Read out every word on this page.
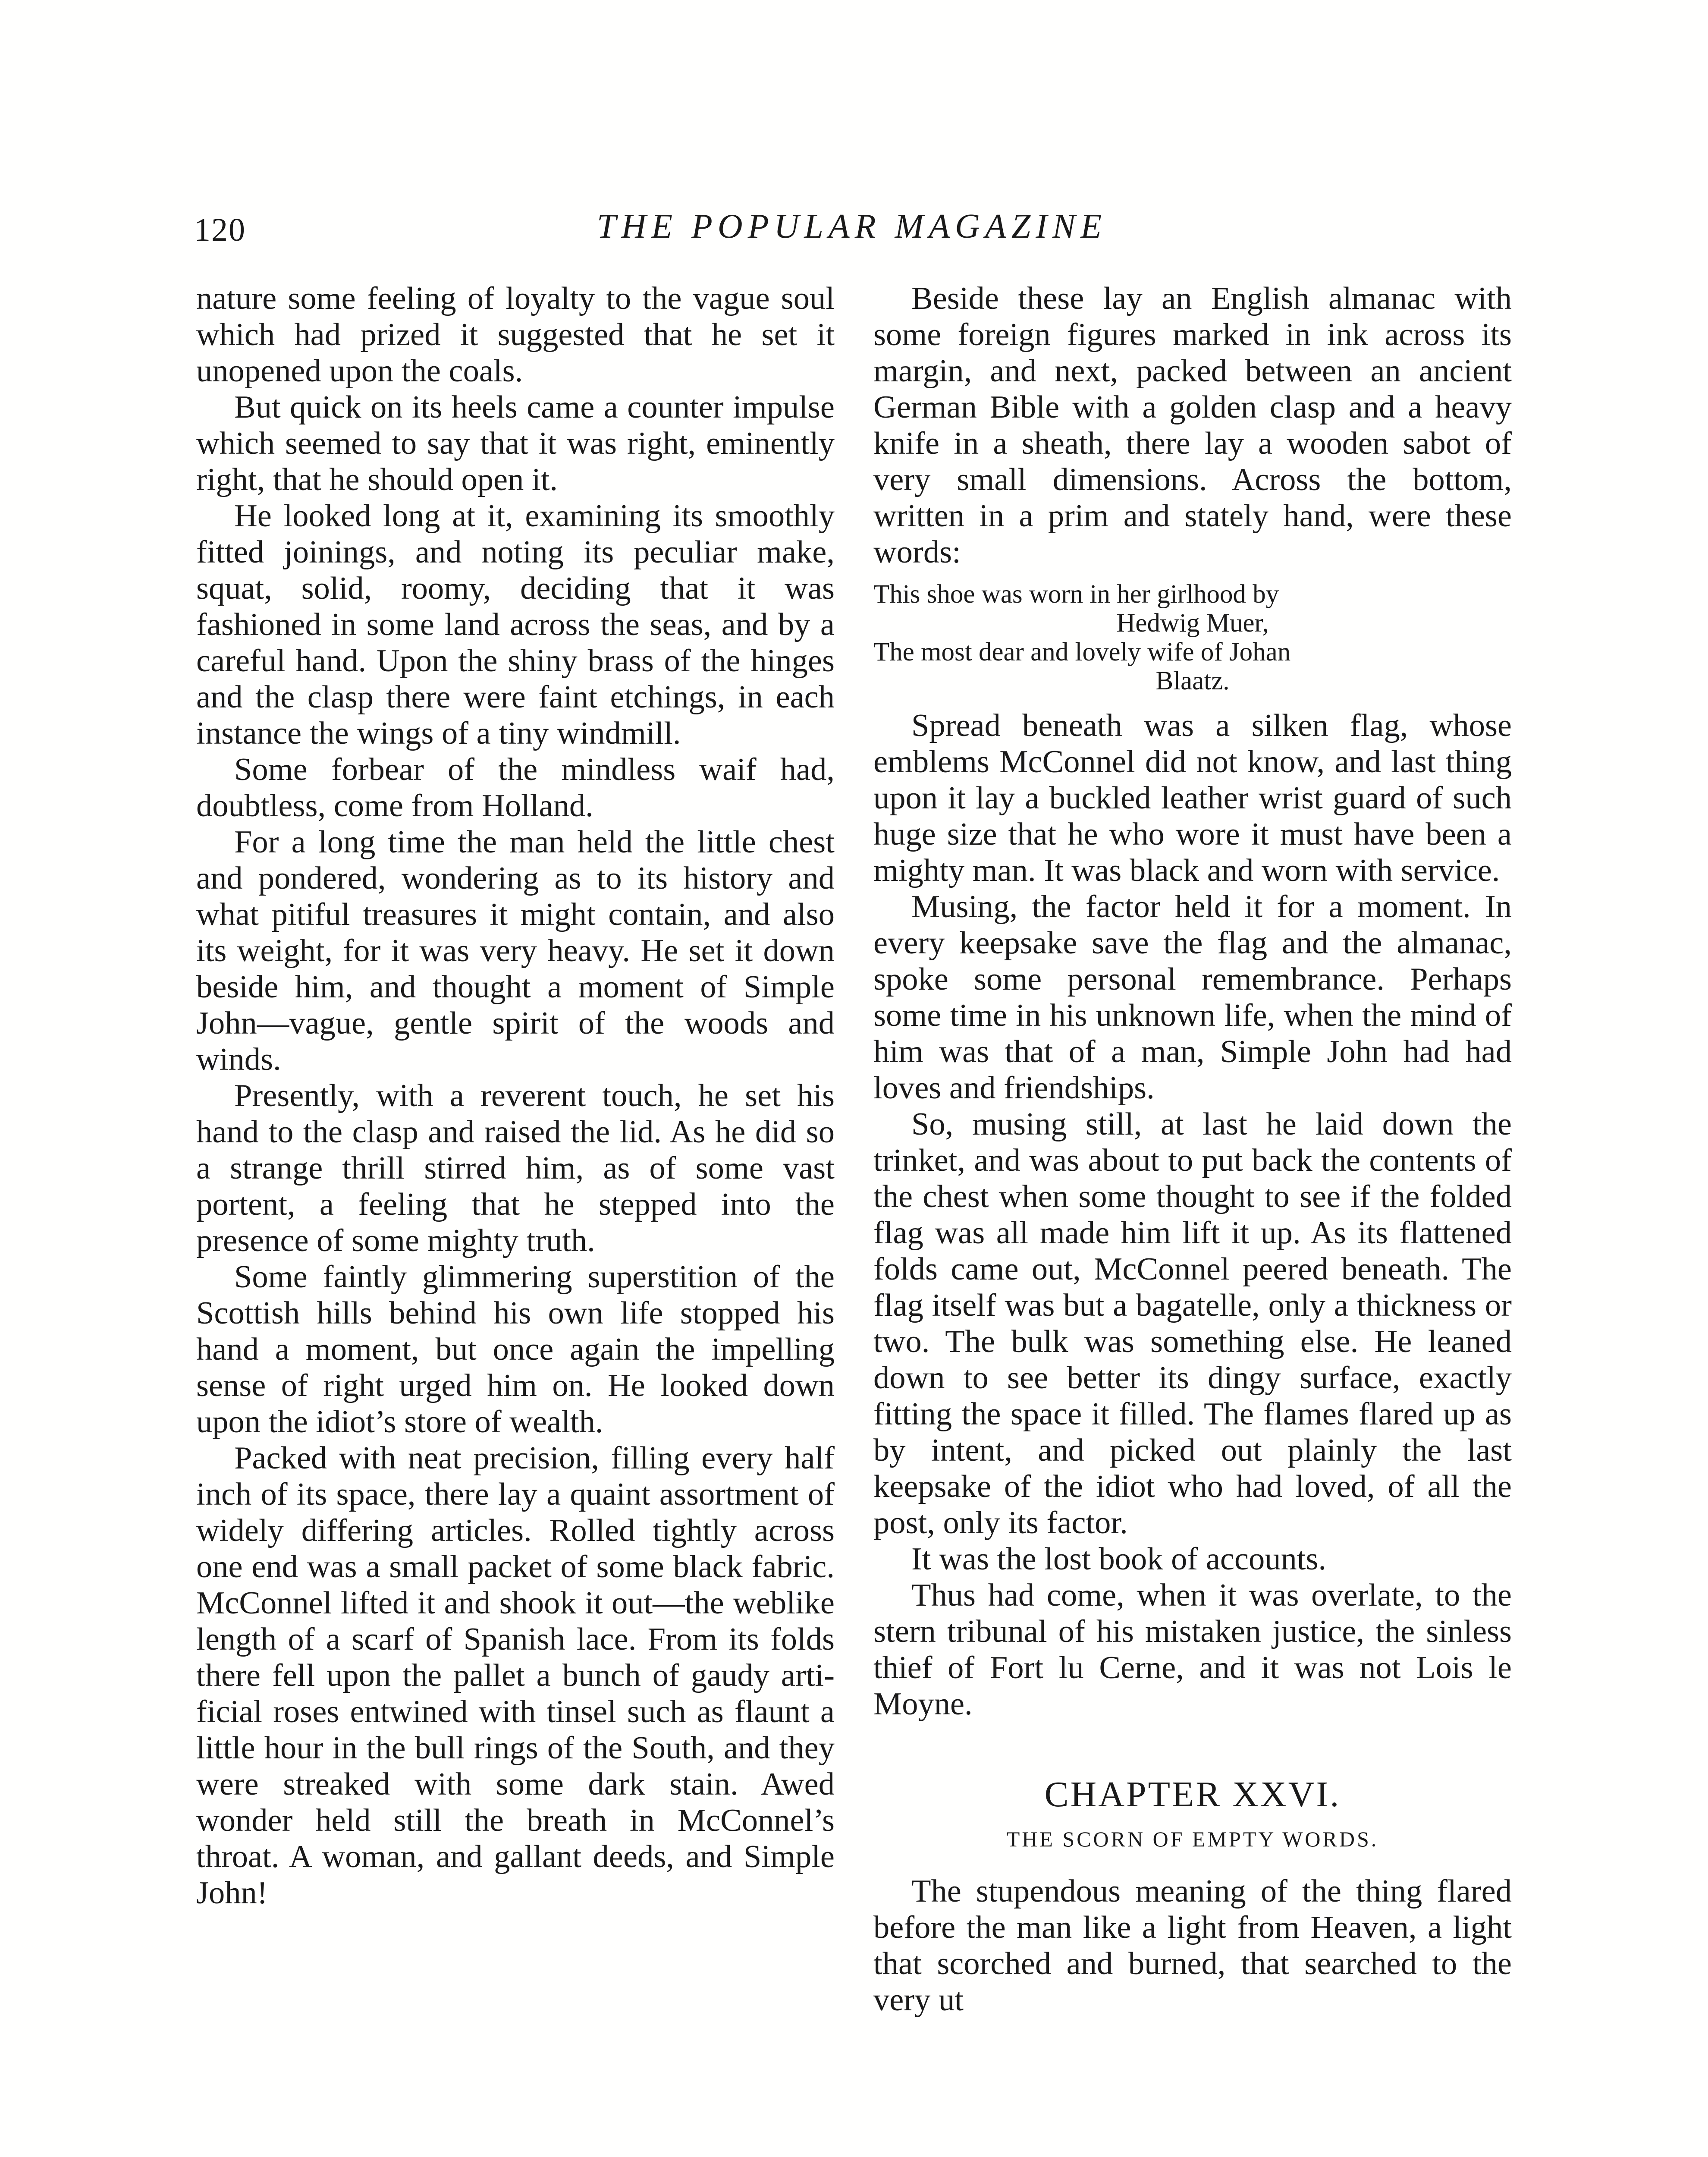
120	THE POPULAR MAGAZINE

nature some feeling of loyalty to the vague soul which had prized it suggested that he set it unopened upon the coals.

But quick on its heels came a counter impulse which seemed to say that it was right, eminently right, that he should open it.

He looked long at it, examining its smoothly fitted joinings, and noting its peculiar make, squat, solid, roomy, deciding that it was fashioned in some land across the seas, and by a careful hand. Upon the shiny brass of the hinges and the clasp there were faint etchings, in each instance the wings of a tiny windmill.

Some forbear of the mindless waif had, doubtless, come from Holland.

For a long time the man held the little chest and pondered, wondering as to its history and what pitiful treasures it might contain, and also its weight, for it was very heavy. He set it down beside him, and thought a moment of Simple John—vague, gentle spirit of the woods and winds.

Presently, with a reverent touch, he set his hand to the clasp and raised the lid. As he did so a strange thrill stirred him, as of some vast portent, a feeling that he stepped into the presence of some mighty truth.

Some faintly glimmering superstition of the Scottish hills behind his own life stopped his hand a moment, but once again the impelling sense of right urged him on. He looked down upon the idiot’s store of wealth.

Packed with neat precision, filling every half inch of its space, there lay a quaint assortment of widely differing articles. Rolled tightly across one end was a small packet of some black fabric. McConnel lifted it and shook it out—the weblike length of a scarf of Spanish lace. From its folds there fell upon the pallet a bunch of gaudy artificial roses entwined with tinsel such as flaunt a little hour in the bull rings of the South, and they were streaked with some dark stain. Awed wonder held still the breath in McConnel’s throat. A woman, and gallant deeds, and Simple John!

Beside these lay an English almanac with some foreign figures marked in ink across its margin, and next, packed between an ancient German Bible with a golden clasp and a heavy knife in a sheath, there lay a wooden sabot of very small dimensions. Across the bottom, written in a prim and stately hand, were these words:

This shoe was worn in her girlhood by

Hedwig Muer,

The most dear and lovely wife of Johan

Blaatz.

Spread beneath was a silken flag, whose emblems McConnel did not know, and last thing upon it lay a buckled leather wrist guard of such huge size that he who wore it must have been a mighty man. It was black and worn with service.

Musing, the factor held it for a moment. In every keepsake save the flag and the almanac, spoke some personal remembrance. Perhaps some time in his unknown life, when the mind of him was that of a man, Simple John had had loves and friendships.

So, musing still, at last he laid down the trinket, and was about to put back the contents of the chest when some thought to see if the folded flag was all made him lift it up. As its flattened folds came out, McConnel peered beneath. The flag itself was but a bagatelle, only a thickness or two. The bulk was something else. He leaned down to see better its dingy surface, exactly fitting the space it filled. The flames flared up as by intent, and picked out plainly the last keepsake of the idiot who had loved, of all the post, only its factor.

It was the lost book of accounts.

Thus had come, when it was overlate, to the stern tribunal of his mistaken justice, the sinless thief of Fort lu Cerne, and it was not Lois le Moyne.

CHAPTER XXVI.
THE SCORN OF EMPTY WORDS.

The stupendous meaning of the thing flared before the man like a light from Heaven, a light that scorched and burned, that searched to the very ut
